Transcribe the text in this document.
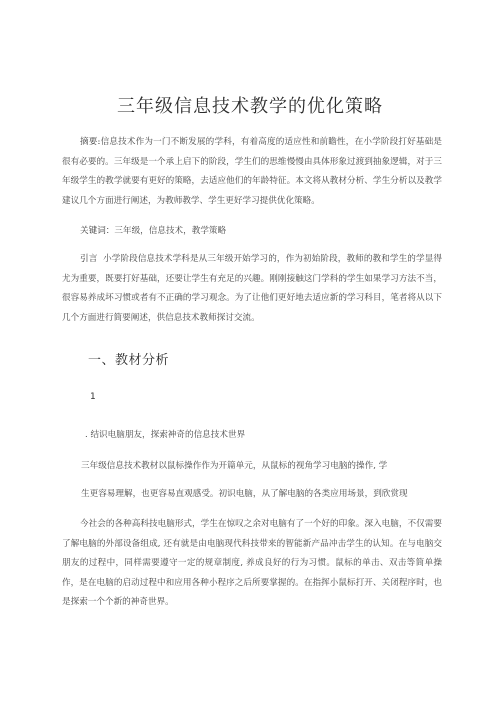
三年级信息技术教学的优化策略

摘要:信息技术作为一门不断发展的学科，有着高度的适应性和前瞻性，在小学阶段打好基础是很有必要的。三年级是一个承上启下的阶段，学生们的思维慢慢由具体形象过渡到抽象逻辑，对于三年级学生的教学就要有更好的策略，去适应他们的年龄特征。本文将从教材分析、学生分析以及教学建议几个方面进行阐述，为教师教学、学生更好学习提供优化策略。

关键词：三年级，信息技术，教学策略

引言 小学阶段信息技术学科是从三年级开始学习的，作为初始阶段，教师的教和学生的学显得尤为重要，既要打好基础，还要让学生有充足的兴趣。刚刚接触这门学科的学生如果学习方法不当，很容易养成坏习惯或者有不正确的学习观念。为了让他们更好地去适应新的学习科目，笔者将从以下几个方面进行简要阐述，供信息技术教师探讨交流。

一、教材分析

1

. 结识电脑朋友，探索神奇的信息技术世界

三年级信息技术教材以鼠标操作作为开篇单元，从鼠标的视角学习电脑的操作, 学

生更容易理解，也更容易直观感受。初识电脑，从了解电脑的各类应用场景，到欣赏现

今社会的各种高科技电脑形式，学生在惊叹之余对电脑有了一个好的印象。深入电脑，不仅需要了解电脑的外部设备组成, 还有就是由电脑现代科技带来的智能新产品冲击学生的认知。在与电脑交朋友的过程中，同样需要遵守一定的规章制度, 养成良好的行为习惯。鼠标的单击、双击等简单操作，是在电脑的启动过程中和应用各种小程序之后所要掌握的。在指挥小鼠标打开、关闭程序时，也是探索一个个新的神奇世界。
